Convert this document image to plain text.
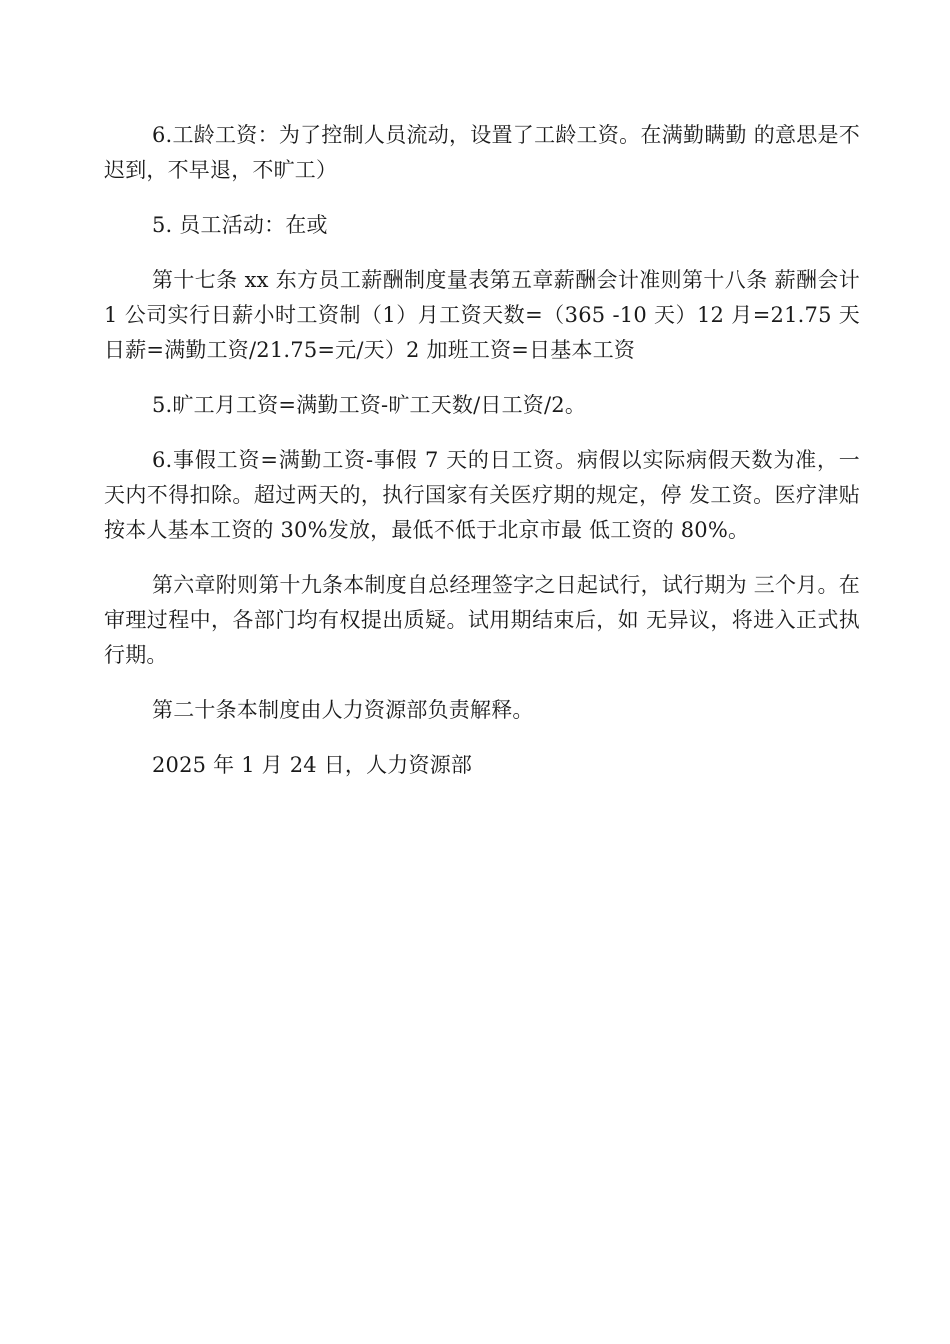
6.工龄工资：为了控制人员流动，设置了工龄工资。在满勤瞒勤 的意思是不迟到，不早退，不旷工）

5. 员工活动：在或

第十七条 xx 东方员工薪酬制度量表第五章薪酬会计准则第十八条 薪酬会计 1 公司实行日薪小时工资制（1）月工资天数=（365 -10 天）12 月=21.75 天日薪=满勤工资/21.75=元/天）2 加班工资=日基本工资

5.旷工月工资=满勤工资-旷工天数/日工资/2。

6.事假工资=满勤工资-事假 7 天的日工资。病假以实际病假天数为准，一天内不得扣除。超过两天的，执行国家有关医疗期的规定，停 发工资。医疗津贴按本人基本工资的 30%发放，最低不低于北京市最 低工资的 80%。

第六章附则第十九条本制度自总经理签字之日起试行，试行期为 三个月。在审理过程中，各部门均有权提出质疑。试用期结束后，如 无异议，将进入正式执行期。

第二十条本制度由人力资源部负责解释。

2025 年 1 月 24 日，人力资源部
